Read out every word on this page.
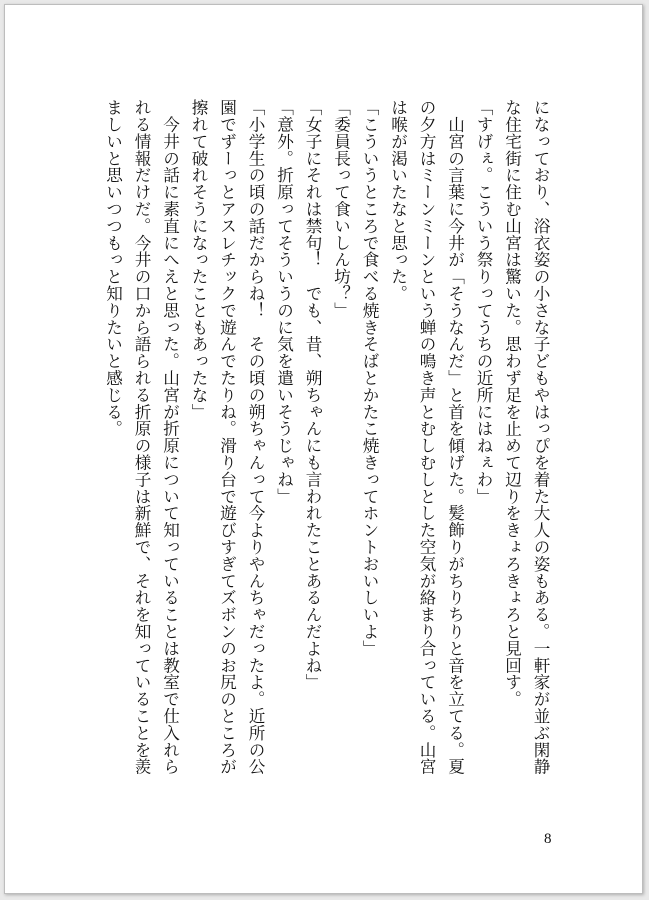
になっており、浴衣姿の小さな子どもやはっぴを着た大人の姿もある。一軒家が並ぶ閑静
な住宅街に住む山宮は驚いた。思わず足を止めて辺りをきょろきょろと見回す。
「すげぇ。こういう祭りってうちの近所にはねぇわ」
　山宮の言葉に今井が「そうなんだ」と首を傾げた。髪飾りがちりちりと音を立てる。夏
の夕方はミーンミーンという蝉の鳴き声とむしむしとした空気が絡まり合っている。山宮
は喉が渇いたなと思った。
「こういうところで食べる焼きそばとかたこ焼きってホントおいしいよ」
「委員長って食いしん坊？」
「女子にそれは禁句！　でも、昔、朔ちゃんにも言われたことあるんだよね」
「意外。折原ってそういうのに気を遣いそうじゃね」
「小学生の頃の話だからね！　その頃の朔ちゃんって今よりやんちゃだったよ。近所の公
園でずーっとアスレチックで遊んでたりね。滑り台で遊びすぎてズボンのお尻のところが
擦れて破れそうになったこともあったな」
　今井の話に素直にへえと思った。山宮が折原について知っていることは教室で仕入れら
れる情報だけだ。今井の口から語られる折原の様子は新鮮で、それを知っていることを羨
ましいと思いつつもっと知りたいと感じる。
8
